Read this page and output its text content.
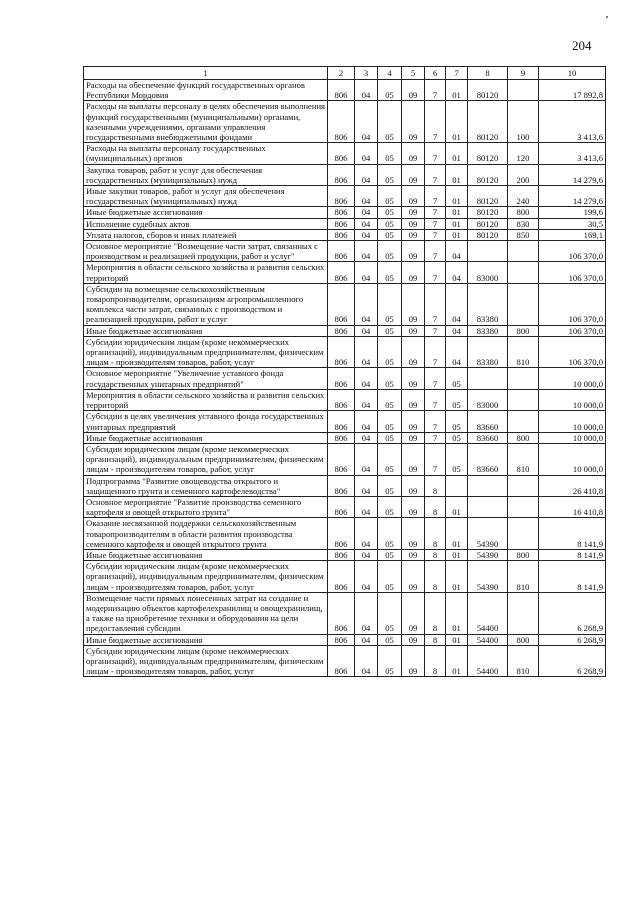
204
1	2	3	4	5	6	7	8	9	10
Расходы на обеспечение функций государственных органов Республики Мордовия	806	04	05	09	7	01	80120		17 892,8
Расходы на выплаты персоналу в целях обеспечения выполнения функций государственными (муниципальными) органами, казенными учреждениями, органами управления государственными внебюджетными фондами	806	04	05	09	7	01	80120	100	3 413,6
Расходы на выплаты персоналу государственных (муниципальных) органов	806	04	05	09	7	01	80120	120	3 413,6
Закупка товаров, работ и услуг для обеспечения государственных (муниципальных) нужд	806	04	05	09	7	01	80120	200	14 279,6
Иные закупки товаров, работ и услуг для обеспечения государственных (муниципальных) нужд	806	04	05	09	7	01	80120	240	14 279,6
Иные бюджетные ассигнования	806	04	05	09	7	01	80120	800	199,6
Исполнение судебных актов	806	04	05	09	7	01	80120	830	30,5
Уплата налогов, сборов и иных платежей	806	04	05	09	7	01	80120	850	169,1
Основное мероприятие "Возмещение части затрат, связанных с производством и реализацией продукции, работ и услуг"	806	04	05	09	7	04			106 370,0
Мероприятия в области сельского хозяйства и развития сельских территорий	806	04	05	09	7	04	83000		106 370,0
Субсидии на возмещение сельскохозяйственным товаропроизводителям, организациям агропромышленного комплекса части затрат, связанных с производством и реализацией продукции, работ и услуг	806	04	05	09	7	04	83380		106 370,0
Иные бюджетные ассигнования	806	04	05	09	7	04	83380	800	106 370,0
Субсидии юридическим лицам (кроме некоммерческих организаций), индивидуальным предпринимателям, физическим лицам - производителям товаров, работ, услуг	806	04	05	09	7	04	83380	810	106 370,0
Основное мероприятие "Увеличение уставного фонда государственных унитарных предприятий"	806	04	05	09	7	05			10 000,0
Мероприятия в области сельского хозяйства и развития сельских территорий	806	04	05	09	7	05	83000		10 000,0
Субсидии в целях увеличения уставного фонда государственных унитарных предприятий	806	04	05	09	7	05	83660		10 000,0
Иные бюджетные ассигнования	806	04	05	09	7	05	83660	800	10 000,0
Субсидии юридическим лицам (кроме некоммерческих организаций), индивидуальным предпринимателям, физическим лицам - производителям товаров, работ, услуг	806	04	05	09	7	05	83660	810	10 000,0
Подпрограмма "Развитие овощеводства открытого и защищенного грунта и семенного картофелеводства"	806	04	05	09	8				26 410,8
Основное мероприятие "Развитие производства семенного картофеля и овощей открытого грунта"	806	04	05	09	8	01			16 410,8
Оказание несвязанной поддержки сельскохозяйственным товаропроизводителям в области развития производства семенного картофеля и овощей открытого грунта	806	04	05	09	8	01	54390		8 141,9
Иные бюджетные ассигнования	806	04	05	09	8	01	54390	800	8 141,9
Субсидии юридическим лицам (кроме некоммерческих организаций), индивидуальным предпринимателям, физическим лицам - производителям товаров, работ, услуг	806	04	05	09	8	01	54390	810	8 141,9
Возмещение части прямых понесенных затрат на создание и модернизацию объектов картофелехранилищ и овощехранилищ, а также на приобретение техники и оборудования на цели предоставления субсидии	806	04	05	09	8	01	54400		6 268,9
Иные бюджетные ассигнования	806	04	05	09	8	01	54400	800	6 268,9
Субсидии юридическим лицам (кроме некоммерческих организаций), индивидуальным предпринимателям, физическим лицам - производителям товаров, работ, услуг	806	04	05	09	8	01	54400	810	6 268,9
